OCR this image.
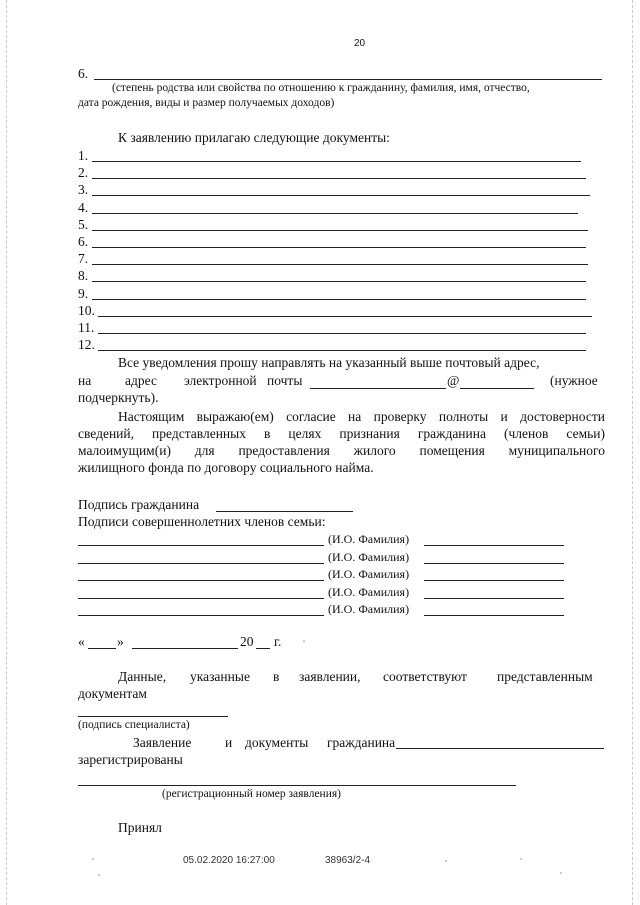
20
6.
(степень родства или свойства по отношению к гражданину, фамилия, имя, отчество,
дата рождения, виды и размер получаемых доходов)
К заявлению прилагаю следующие документы:
1.
2.
3.
4.
5.
6.
7.
8.
9.
10.
11.
12.
Все уведомления прошу направлять на указанный выше почтовый адрес,
на	адрес электронной почты	@	(нужное
подчеркнуть).
Настоящим выражаю(ем) согласие на проверку полноты и достоверности
сведений, представленных в целях признания гражданина (членов семьи)
малоимущим(и) для предоставления жилого помещения муниципального
жилищного фонда по договору социального найма.
Подпись гражданина
Подписи совершеннолетних членов семьи:
(И.О. Фамилия)
(И.О. Фамилия)
(И.О. Фамилия)
(И.О. Фамилия)
(И.О. Фамилия)
« »	20 г.
Данные, указанные в заявлении, соответствуют представленным
документам
(подпись специалиста)
Заявление и документы гражданина
зарегистрированы
(регистрационный номер заявления)
Принял
05.02.2020 16:27:00	38963/2-4
